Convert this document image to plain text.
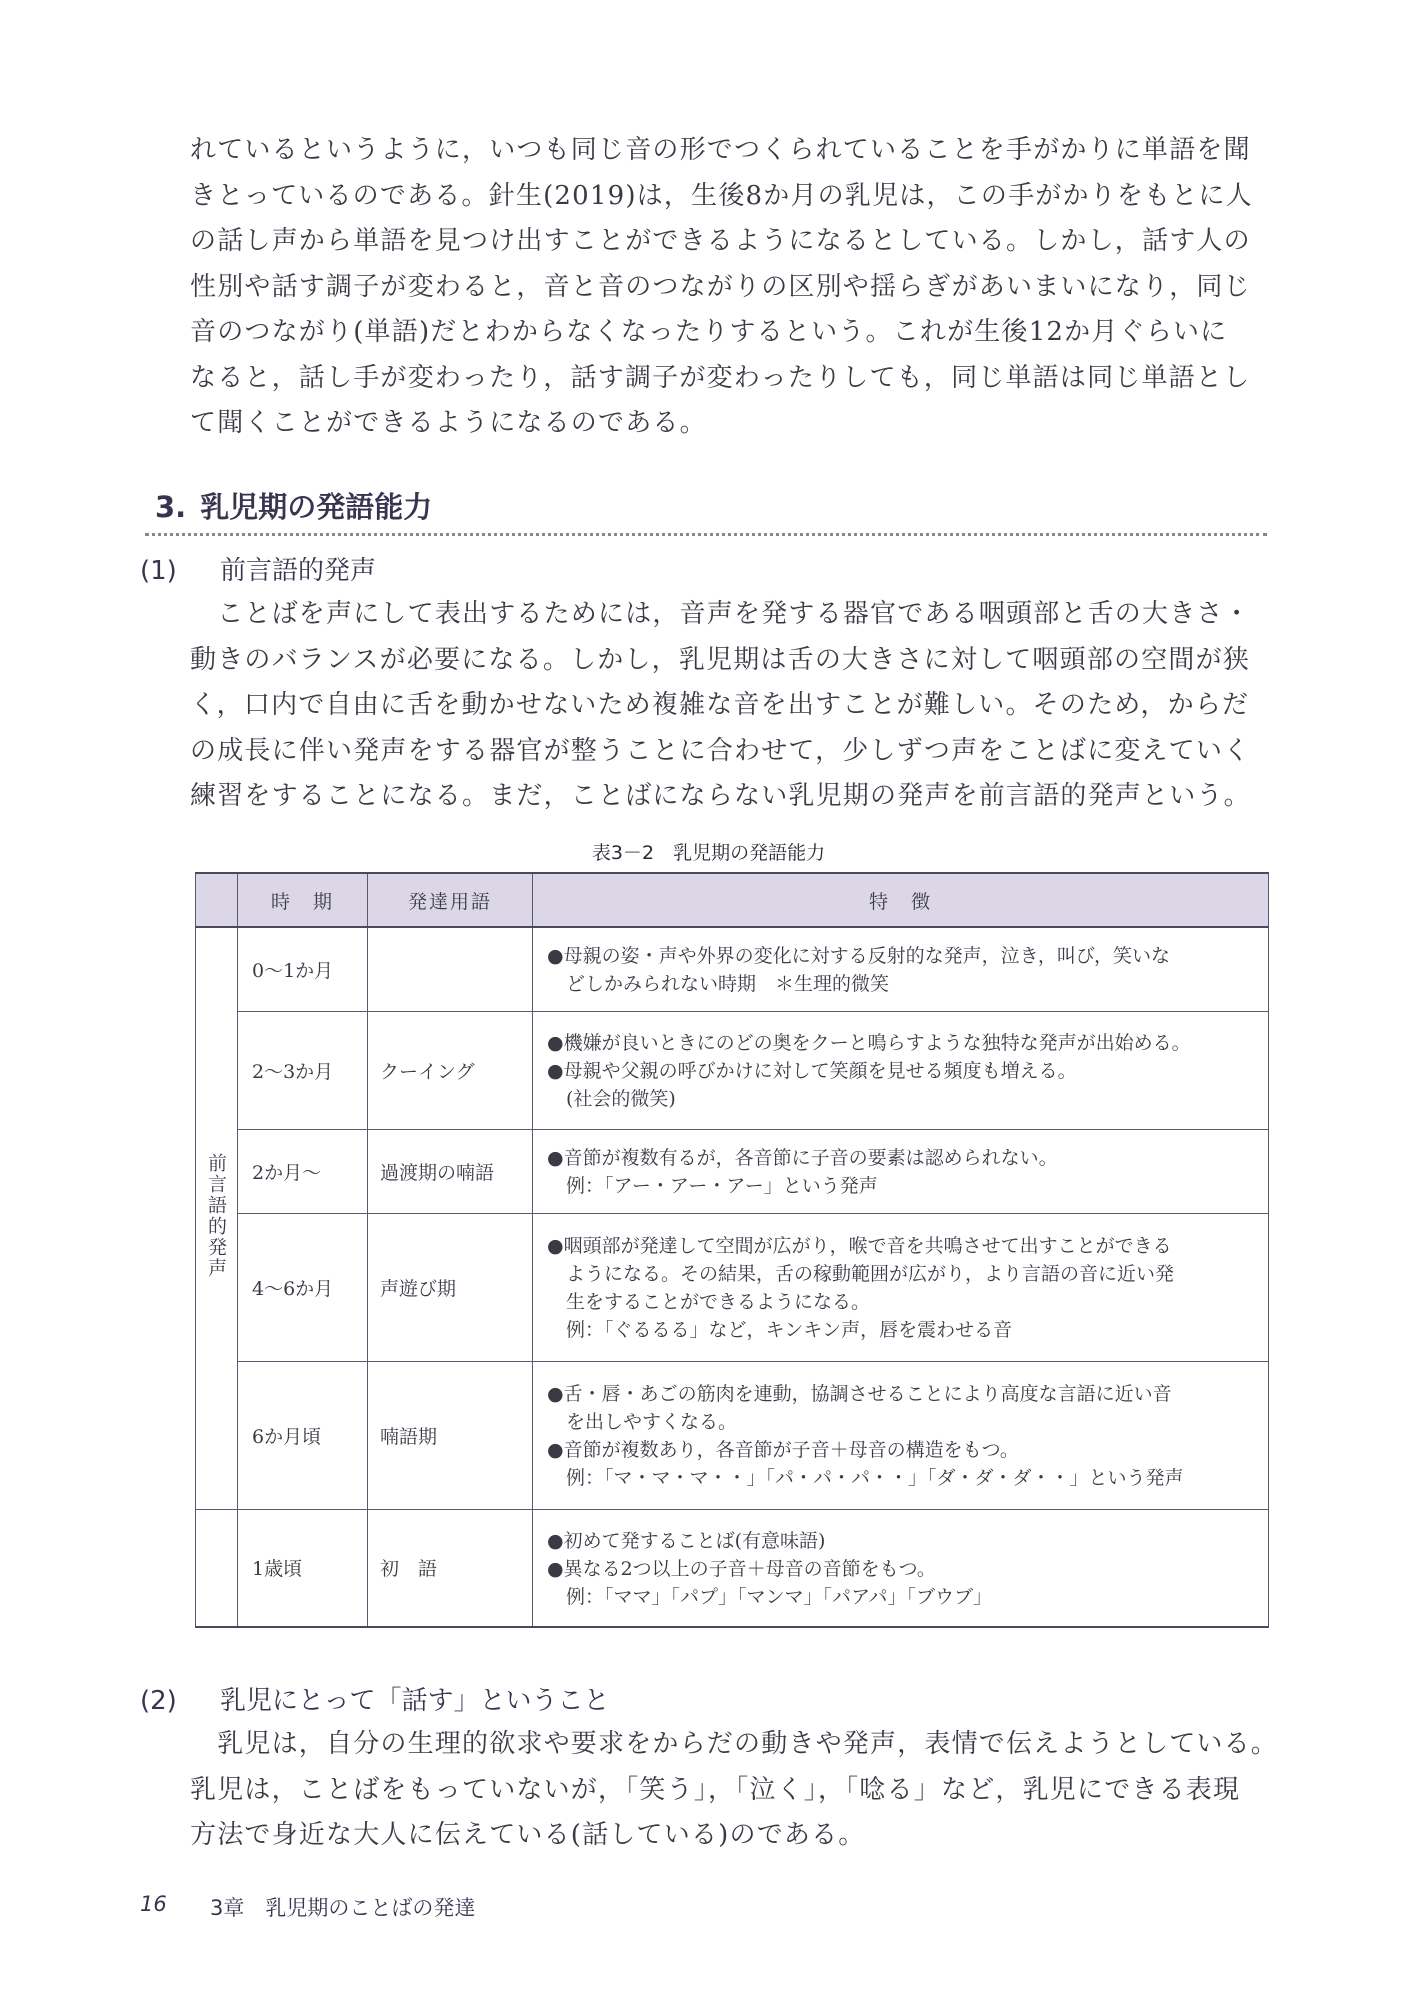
れているというように，いつも同じ音の形でつくられていることを手がかりに単語を聞
きとっているのである。針生(2019)は，生後8か月の乳児は，この手がかりをもとに人
の話し声から単語を見つけ出すことができるようになるとしている。しかし，話す人の
性別や話す調子が変わると，音と音のつながりの区別や揺らぎがあいまいになり，同じ
音のつながり(単語)だとわからなくなったりするという。これが生後12か月ぐらいに
なると，話し手が変わったり，話す調子が変わったりしても，同じ単語は同じ単語とし
て聞くことができるようになるのである。
3. 乳児期の発語能力
(1) 前言語的発声
　ことばを声にして表出するためには，音声を発する器官である咽頭部と舌の大きさ・
動きのバランスが必要になる。しかし，乳児期は舌の大きさに対して咽頭部の空間が狭
く，口内で自由に舌を動かせないため複雑な音を出すことが難しい。そのため，からだ
の成長に伴い発声をする器官が整うことに合わせて，少しずつ声をことばに変えていく
練習をすることになる。まだ，ことばにならない乳児期の発声を前言語的発声という。
表3－2　乳児期の発語能力
	時　期	発達用語	特　徴
前言語的発声	0～1か月		●母親の姿・声や外界の変化に対する反射的な発声，泣き，叫び，笑いな
　どしかみられない時期　＊生理的微笑

	2～3か月	クーイング	●機嫌が良いときにのどの奥をクーと鳴らすような独特な発声が出始める。
●母親や父親の呼びかけに対して笑顔を見せる頻度も増える。
　(社会的微笑)

	2か月～	過渡期の喃語	●音節が複数有るが，各音節に子音の要素は認められない。
　例：「アー・アー・アー」という発声

	4～6か月	声遊び期	●咽頭部が発達して空間が広がり，喉で音を共鳴させて出すことができる
　ようになる。その結果，舌の稼動範囲が広がり，より言語の音に近い発
　生をすることができるようになる。
　例：「ぐるるる」など，キンキン声，唇を震わせる音

	6か月頃	喃語期	●舌・唇・あごの筋肉を連動，協調させることにより高度な言語に近い音
　を出しやすくなる。
●音節が複数あり，各音節が子音＋母音の構造をもつ。
　例：「マ・マ・マ・・」「パ・パ・パ・・」「ダ・ダ・ダ・・」という発声

	1歳頃	初　語	●初めて発することば(有意味語)
●異なる2つ以上の子音＋母音の音節をもつ。
　例：「ママ」「パプ」「マンマ」「パアパ」「ブウブ」
(2) 乳児にとって「話す」ということ
　乳児は，自分の生理的欲求や要求をからだの動きや発声，表情で伝えようとしている。
乳児は，ことばをもっていないが，「笑う」，「泣く」，「唸る」など，乳児にできる表現
方法で身近な大人に伝えている(話している)のである。
16 3章　乳児期のことばの発達
